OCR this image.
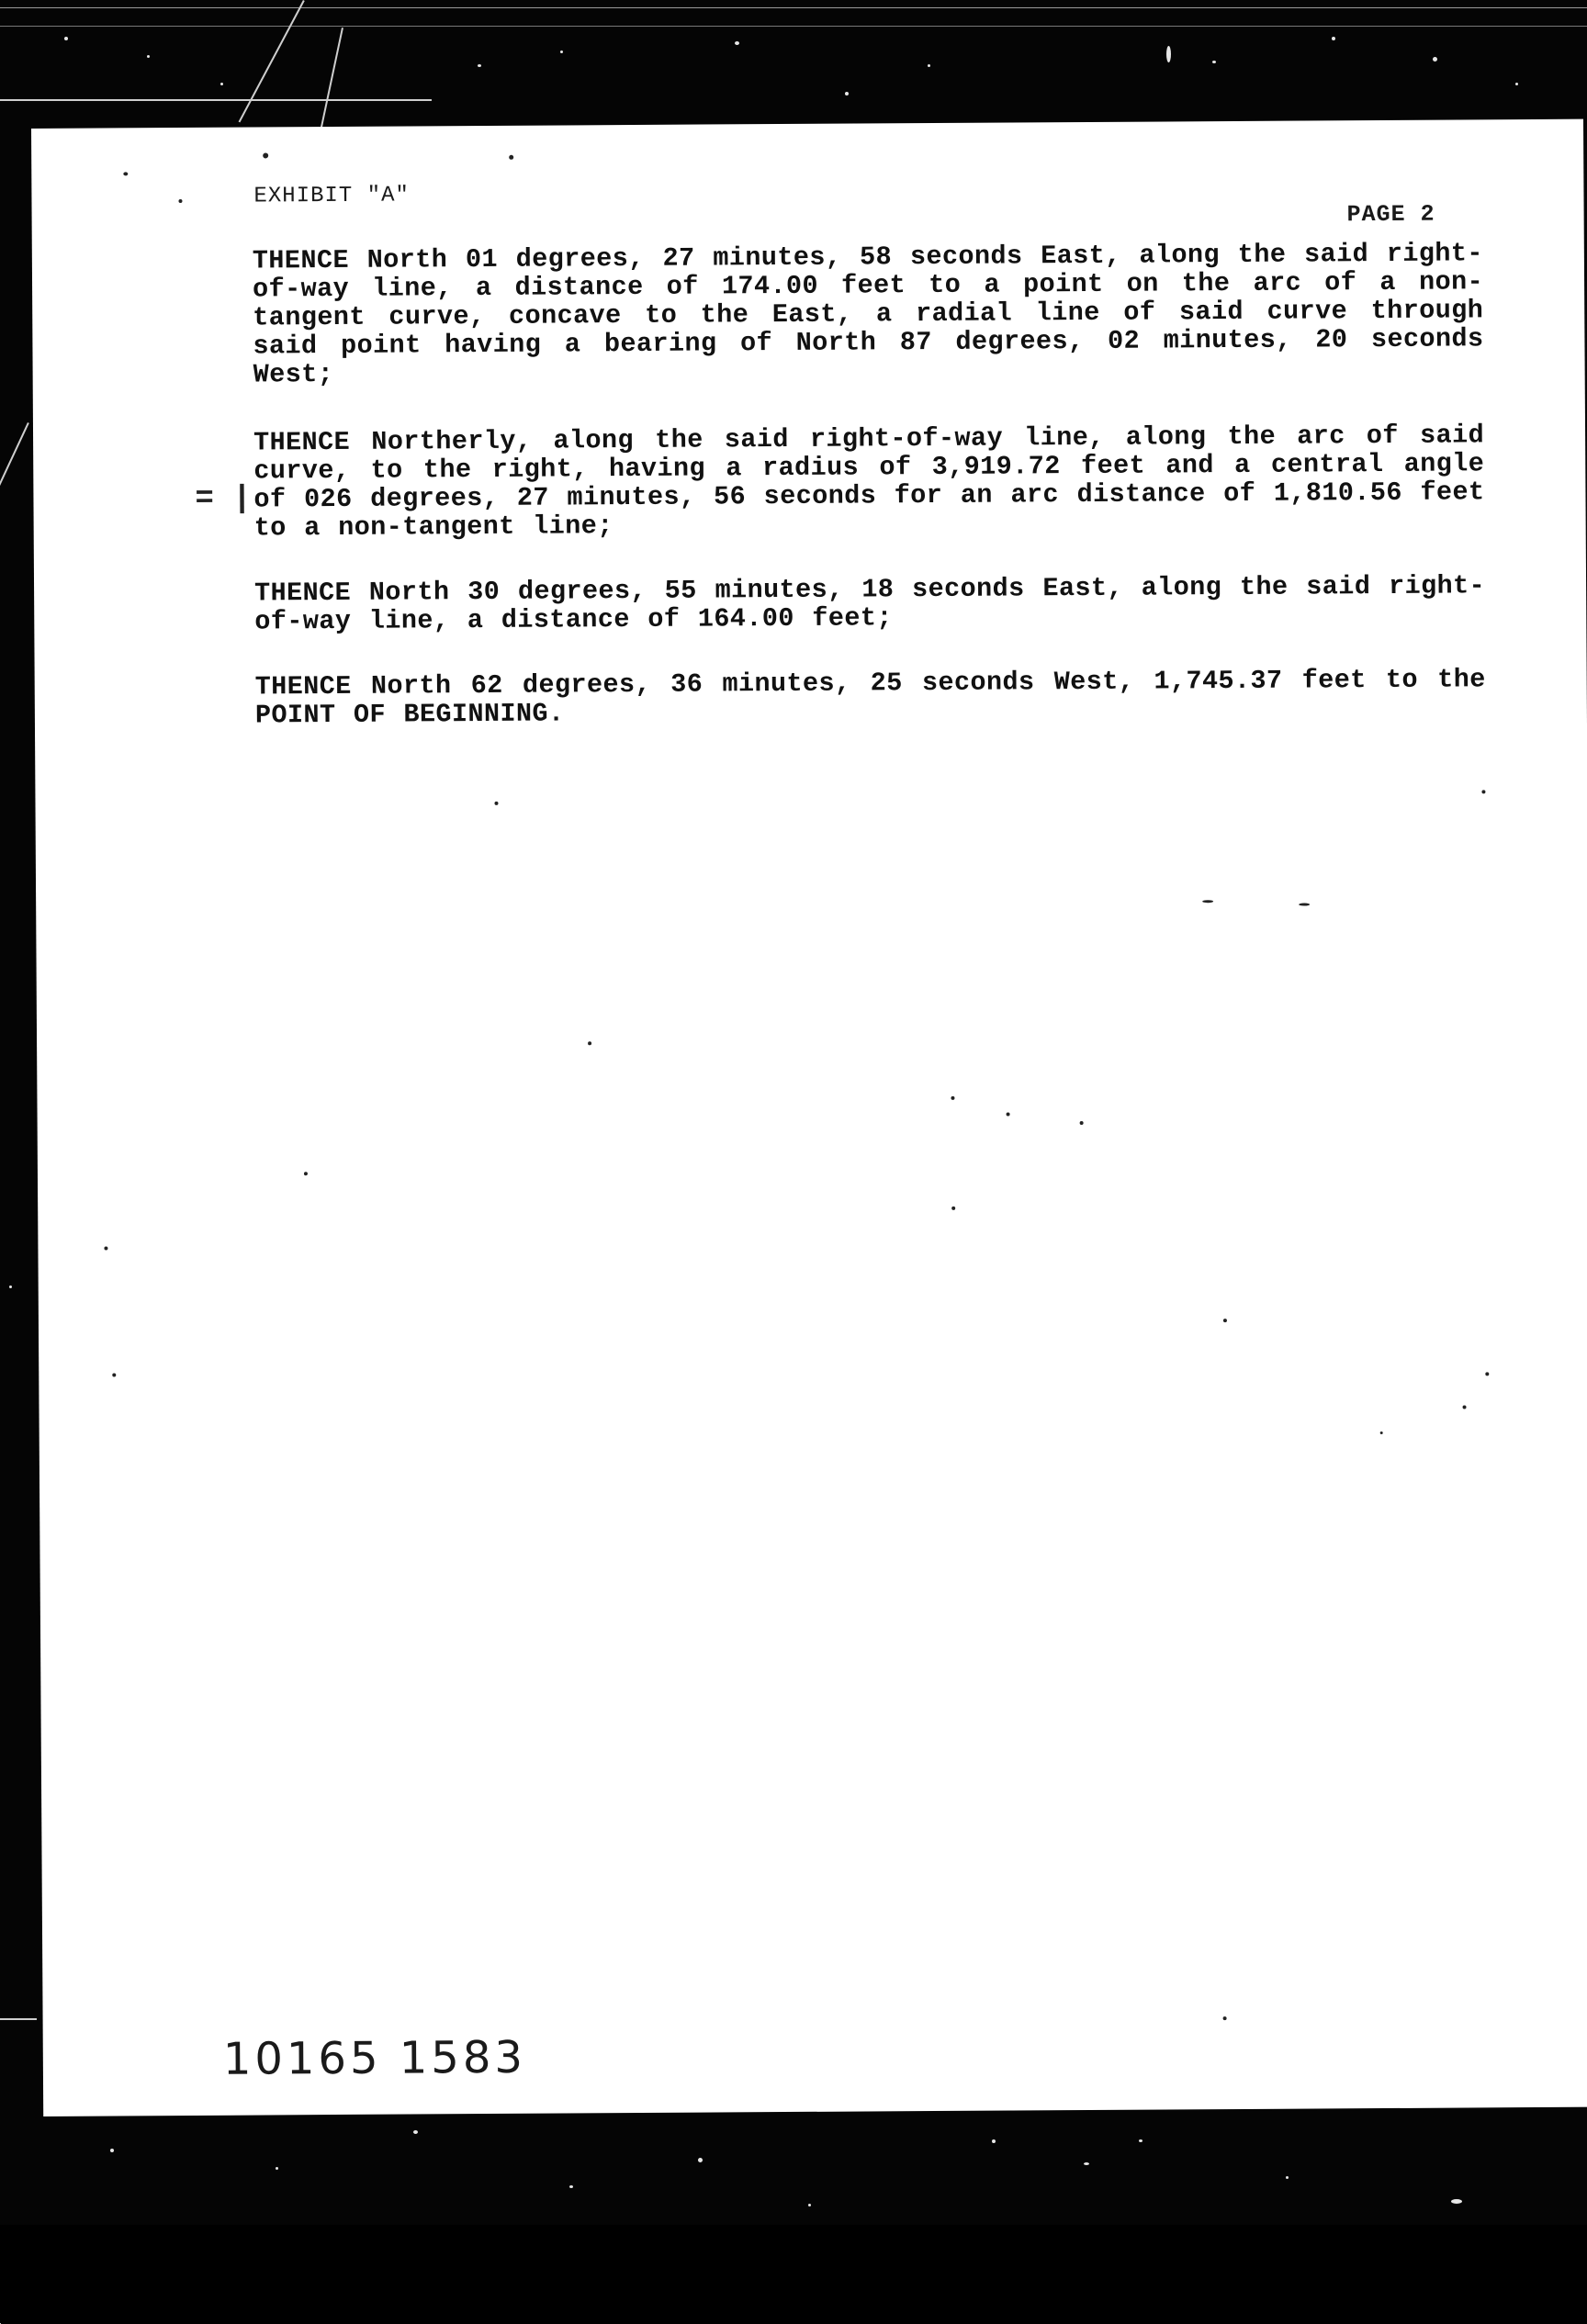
EXHIBIT "A"
PAGE 2
THENCE North 01 degrees, 27 minutes, 58 seconds East, along the said right-of-way line, a distance of 174.00 feet to a point on the arc of a non-tangent curve, concave to the East, a radial line of said curve through said point having a bearing of North 87 degrees, 02 minutes, 20 seconds West;
THENCE Northerly, along the said right-of-way line, along the arc of said curve, to the right, having a radius of 3,919.72 feet and a central angle of 026 degrees, 27 minutes, 56 seconds for an arc distance of 1,810.56 feet to a non-tangent line;
THENCE North 30 degrees, 55 minutes, 18 seconds East, along the said right-of-way line, a distance of 164.00 feet;
THENCE North 62 degrees, 36 minutes, 25 seconds West, 1,745.37 feet to the POINT OF BEGINNING.
= |
10165 1583
